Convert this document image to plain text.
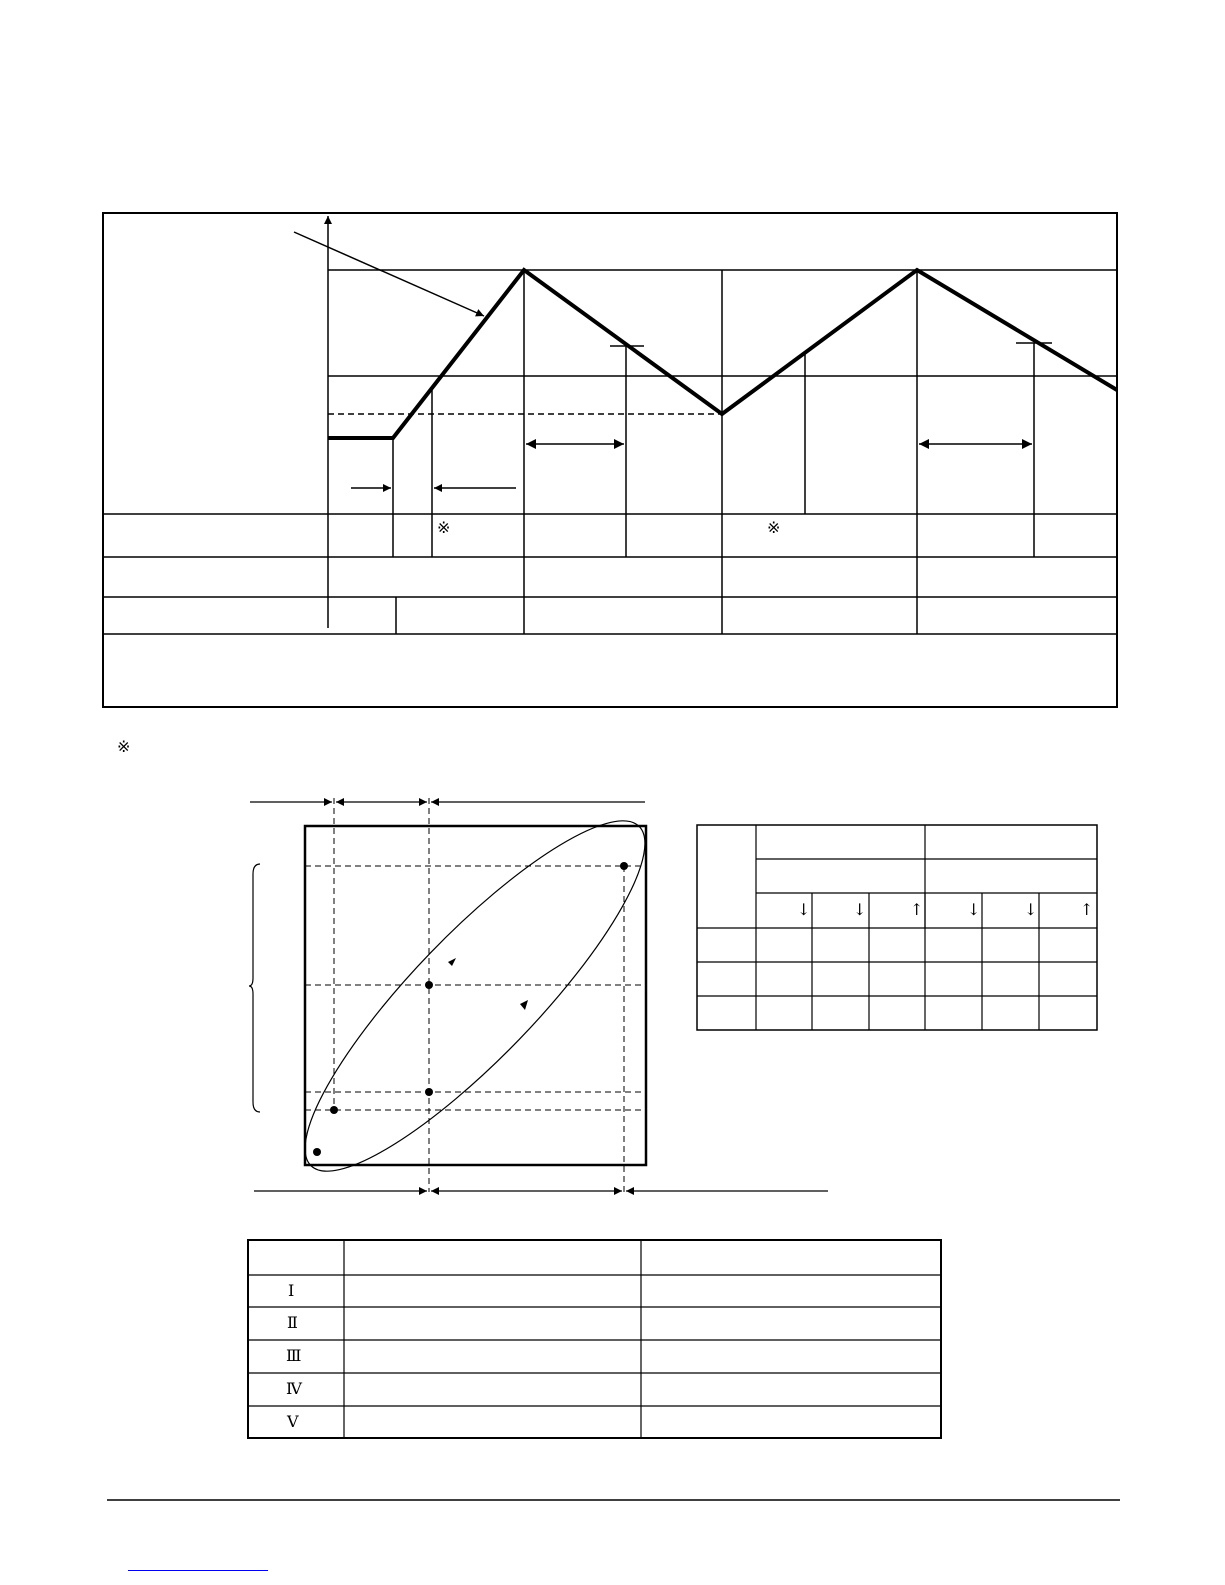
※	※
※
↓	↓	↑	↓	↓	↑
Ⅰ
Ⅱ
Ⅲ
Ⅳ
Ⅴ
